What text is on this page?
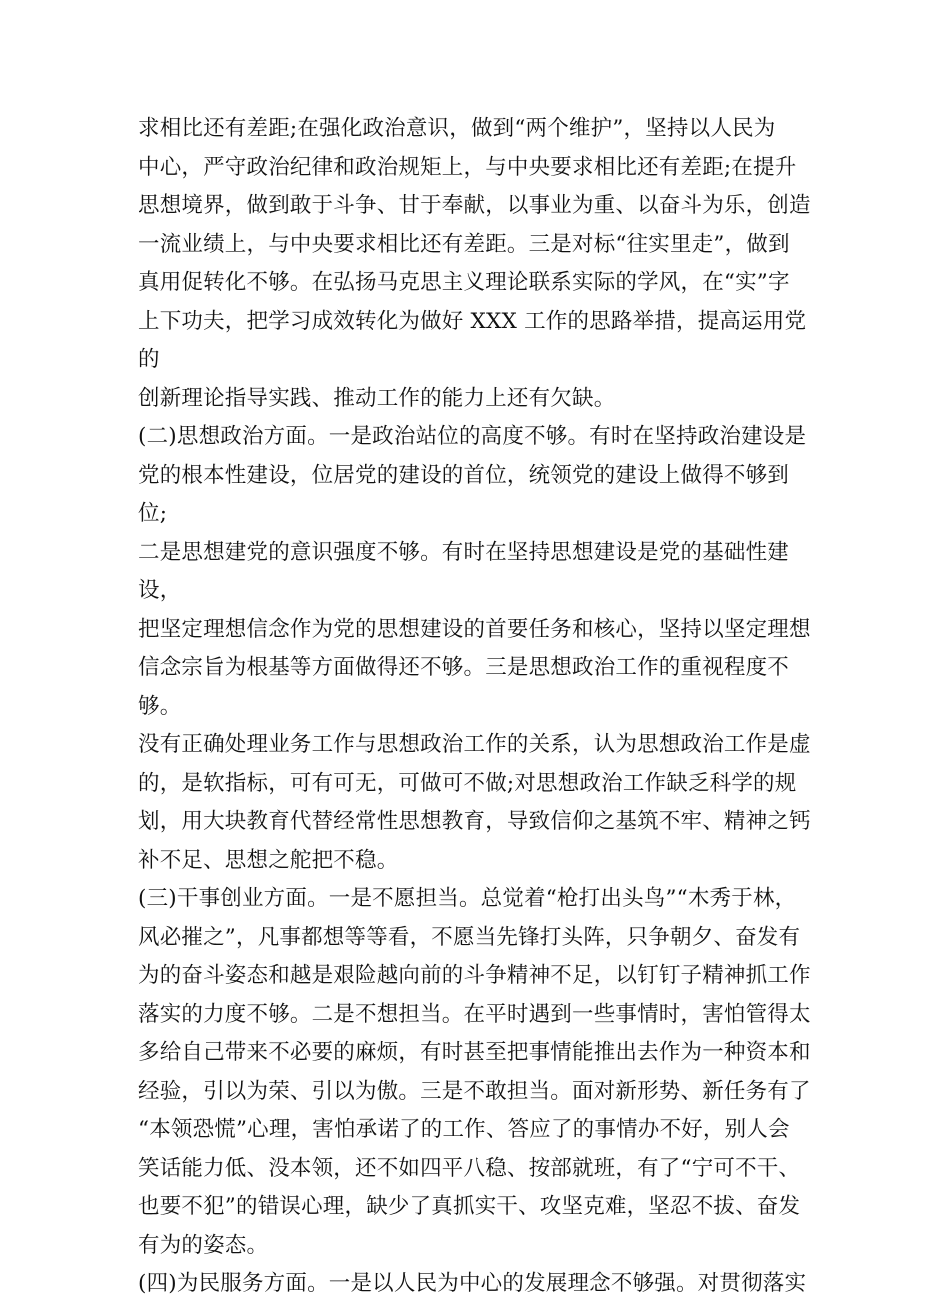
求相比还有差距;在强化政治意识，做到“两个维护”，坚持以人民为
中心，严守政治纪律和政治规矩上，与中央要求相比还有差距;在提升
思想境界，做到敢于斗争、甘于奉献，以事业为重、以奋斗为乐，创造
一流业绩上，与中央要求相比还有差距。三是对标“往实里走”，做到
真用促转化不够。在弘扬马克思主义理论联系实际的学风，在“实”字
上下功夫，把学习成效转化为做好 XXX 工作的思路举措，提高运用党的
创新理论指导实践、推动工作的能力上还有欠缺。

(二)思想政治方面。一是政治站位的高度不够。有时在坚持政治建设是
党的根本性建设，位居党的建设的首位，统领党的建设上做得不够到位;
二是思想建党的意识强度不够。有时在坚持思想建设是党的基础性建设，
把坚定理想信念作为党的思想建设的首要任务和核心，坚持以坚定理想
信念宗旨为根基等方面做得还不够。三是思想政治工作的重视程度不够。
没有正确处理业务工作与思想政治工作的关系，认为思想政治工作是虚
的，是软指标，可有可无，可做可不做;对思想政治工作缺乏科学的规
划，用大块教育代替经常性思想教育，导致信仰之基筑不牢、精神之钙
补不足、思想之舵把不稳。

(三)干事创业方面。一是不愿担当。总觉着“枪打出头鸟”“木秀于林，
风必摧之”，凡事都想等等看，不愿当先锋打头阵，只争朝夕、奋发有
为的奋斗姿态和越是艰险越向前的斗争精神不足，以钉钉子精神抓工作
落实的力度不够。二是不想担当。在平时遇到一些事情时，害怕管得太
多给自己带来不必要的麻烦，有时甚至把事情能推出去作为一种资本和
经验，引以为荣、引以为傲。三是不敢担当。面对新形势、新任务有了
“本领恐慌”心理，害怕承诺了的工作、答应了的事情办不好，别人会
笑话能力低、没本领，还不如四平八稳、按部就班，有了“宁可不干、
也要不犯”的错误心理，缺少了真抓实干、攻坚克难，坚忍不拔、奋发
有为的姿态。

(四)为民服务方面。一是以人民为中心的发展理念不够强。对贯彻落实
